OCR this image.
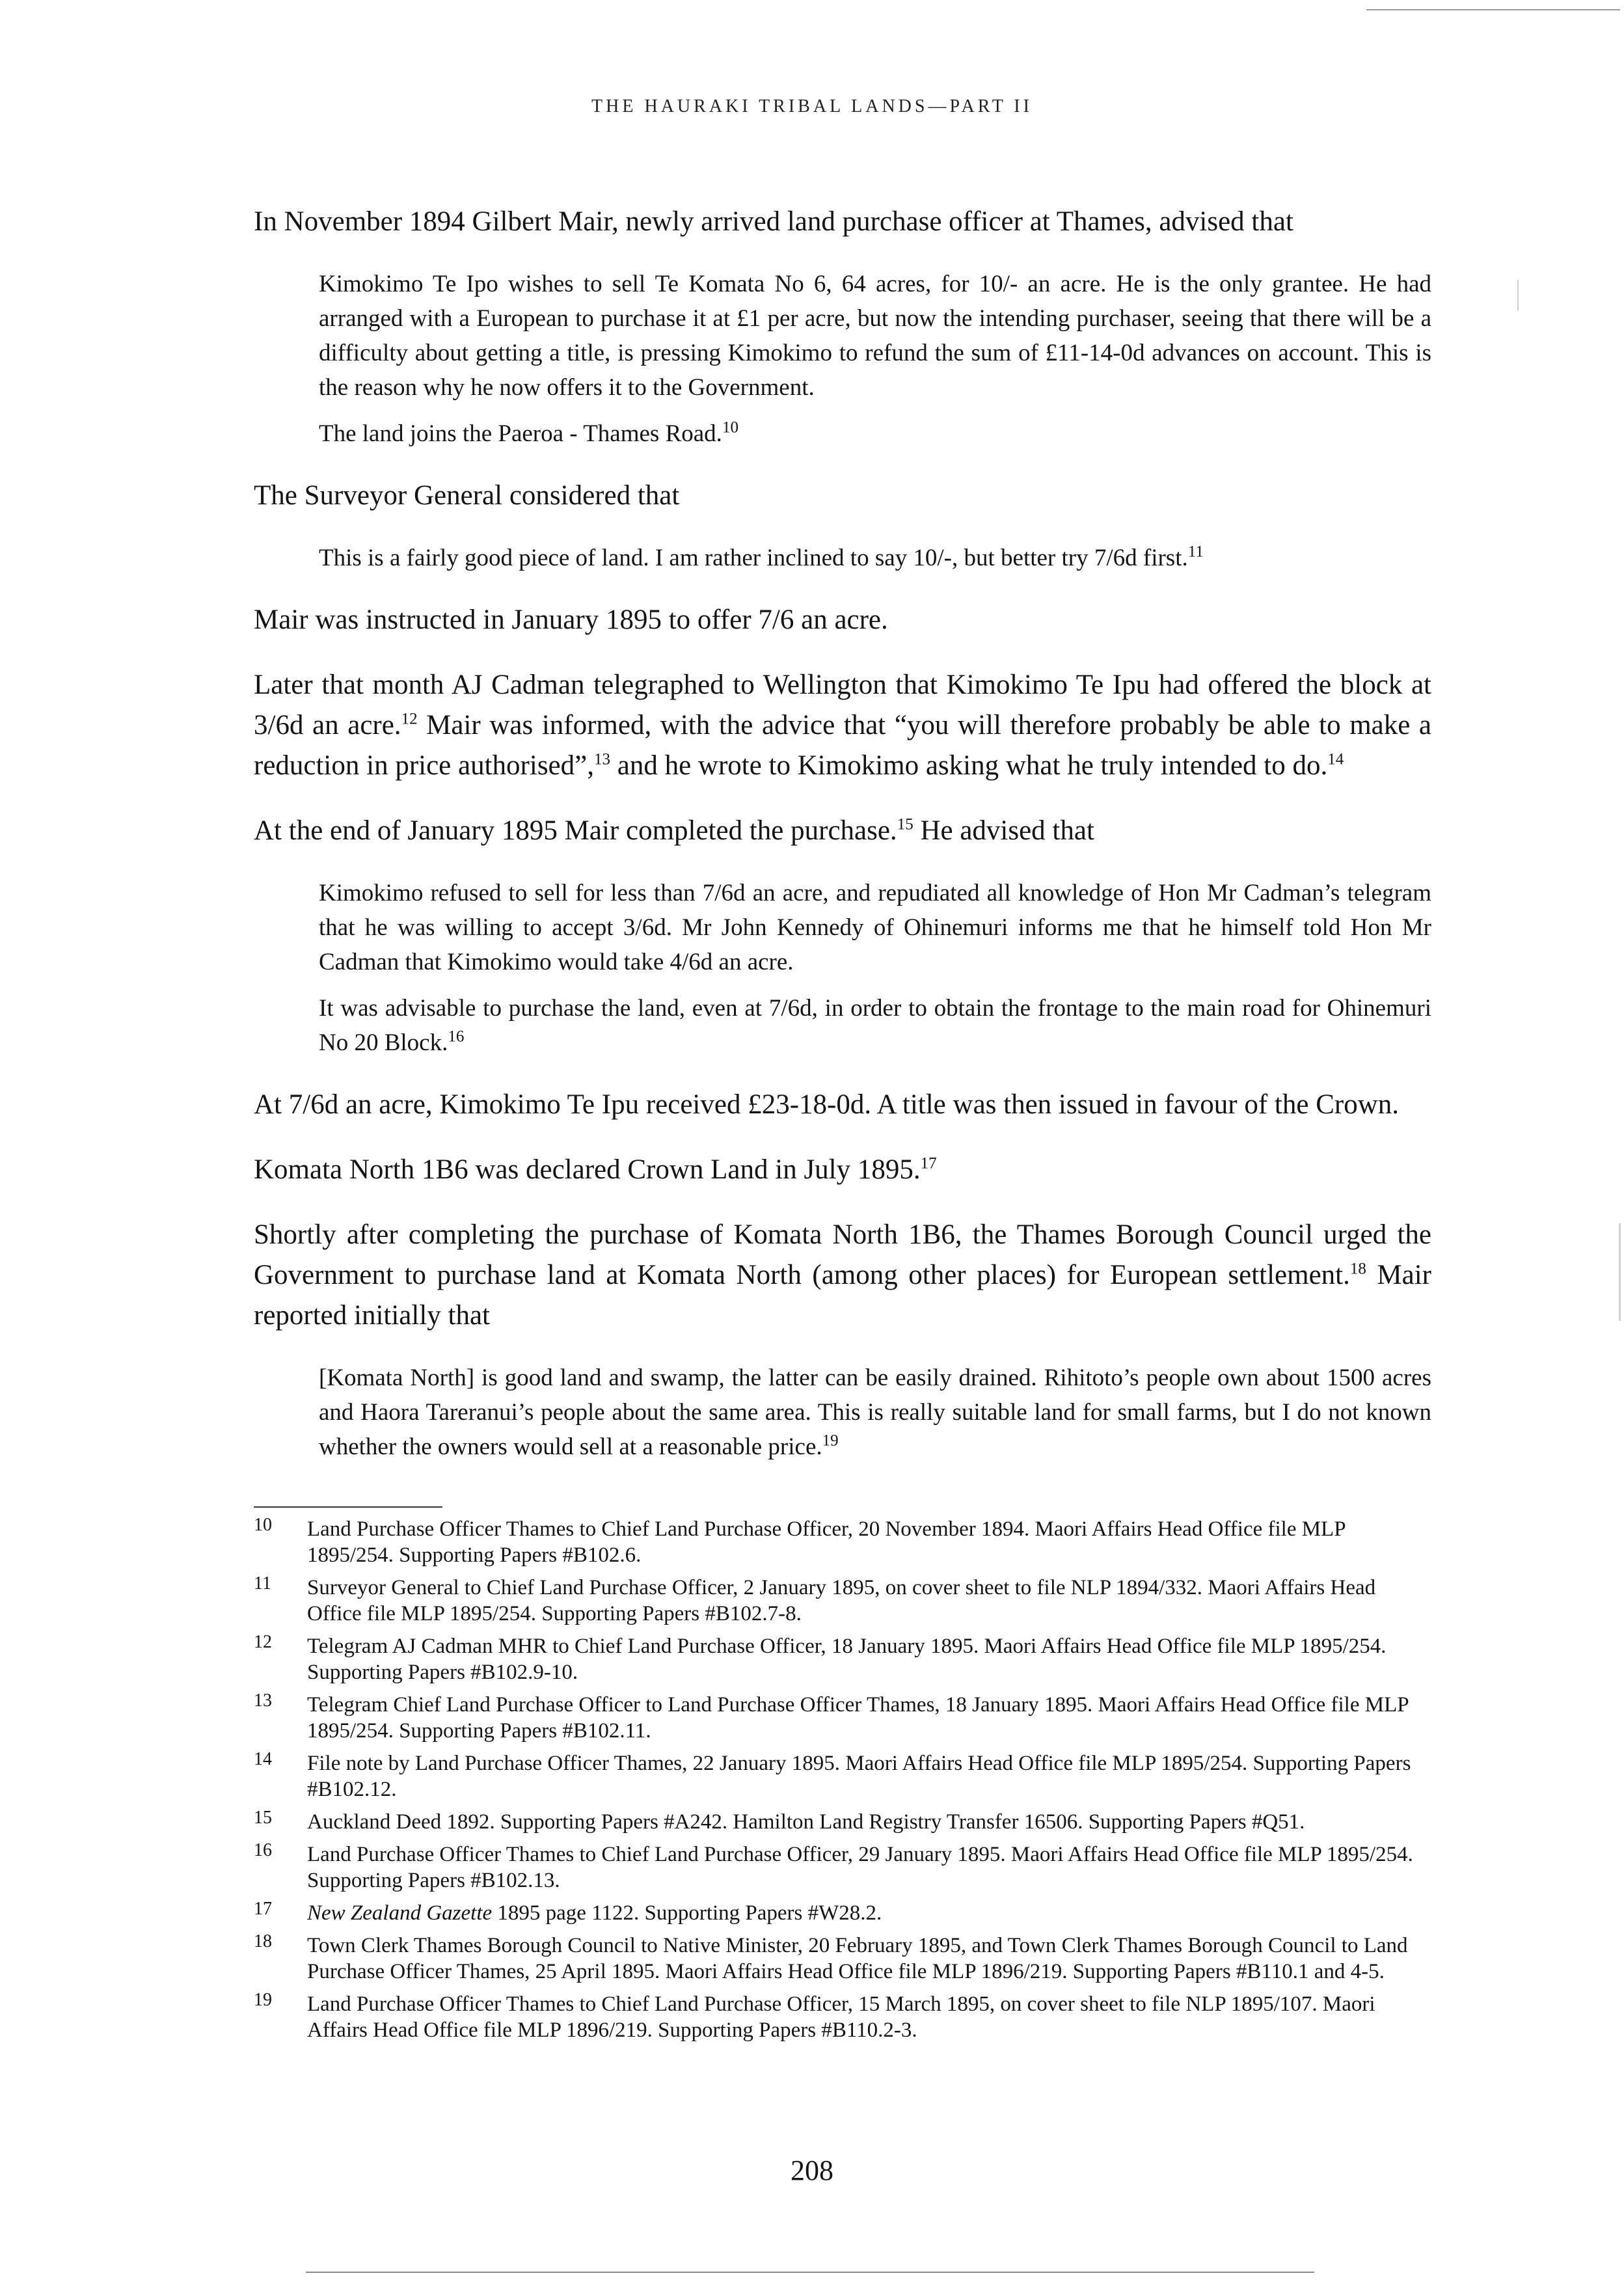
THE HAURAKI TRIBAL LANDS—PART II

In November 1894 Gilbert Mair, newly arrived land purchase officer at Thames, advised that

Kimokimo Te Ipo wishes to sell Te Komata No 6, 64 acres, for 10/- an acre. He is the only grantee. He had arranged with a European to purchase it at £1 per acre, but now the intending purchaser, seeing that there will be a difficulty about getting a title, is pressing Kimokimo to refund the sum of £11-14-0d advances on account. This is the reason why he now offers it to the Government.

The land joins the Paeroa - Thames Road.$^{10}$

The Surveyor General considered that

This is a fairly good piece of land. I am rather inclined to say 10/-, but better try 7/6d first.$^{11}$

Mair was instructed in January 1895 to offer 7/6 an acre.

Later that month AJ Cadman telegraphed to Wellington that Kimokimo Te Ipu had offered the block at 3/6d an acre.$^{12}$ Mair was informed, with the advice that “you will therefore probably be able to make a reduction in price authorised”,$^{13}$ and he wrote to Kimokimo asking what he truly intended to do.$^{14}$

At the end of January 1895 Mair completed the purchase.$^{15}$ He advised that

Kimokimo refused to sell for less than 7/6d an acre, and repudiated all knowledge of Hon Mr Cadman’s telegram that he was willing to accept 3/6d. Mr John Kennedy of Ohinemuri informs me that he himself told Hon Mr Cadman that Kimokimo would take 4/6d an acre.

It was advisable to purchase the land, even at 7/6d, in order to obtain the frontage to the main road for Ohinemuri No 20 Block.$^{16}$

At 7/6d an acre, Kimokimo Te Ipu received £23-18-0d. A title was then issued in favour of the Crown.

Komata North 1B6 was declared Crown Land in July 1895.17

Shortly after completing the purchase of Komata North 1B6, the Thames Borough Council urged the Government to purchase land at Komata North (among other places) for European settlement.$^{18}$ Mair reported initially that

[Komata North] is good land and swamp, the latter can be easily drained. Rihitoto’s people own about 1500 acres and Haora Tareranui’s people about the same area. This is really suitable land for small farms, but I do not known whether the owners would sell at a reasonable price.$^{19}$

10	Land Purchase Officer Thames to Chief Land Purchase Officer, 20 November 1894. Maori Affairs Head Office file MLP 1895/254. Supporting Papers #B102.6.
11	Surveyor General to Chief Land Purchase Officer, 2 January 1895, on cover sheet to file NLP 1894/332. Maori Affairs Head Office file MLP 1895/254. Supporting Papers #B102.7-8.
12	Telegram AJ Cadman MHR to Chief Land Purchase Officer, 18 January 1895. Maori Affairs Head Office file MLP 1895/254. Supporting Papers #B102.9-10.
13	Telegram Chief Land Purchase Officer to Land Purchase Officer Thames, 18 January 1895. Maori Affairs Head Office file MLP 1895/254. Supporting Papers #B102.11.
14	File note by Land Purchase Officer Thames, 22 January 1895. Maori Affairs Head Office file MLP 1895/254. Supporting Papers #B102.12.
15	Auckland Deed 1892. Supporting Papers #A242. Hamilton Land Registry Transfer 16506. Supporting Papers #Q51.
16	Land Purchase Officer Thames to Chief Land Purchase Officer, 29 January 1895. Maori Affairs Head Office file MLP 1895/254. Supporting Papers #B102.13.
17	New Zealand Gazette 1895 page 1122. Supporting Papers #W28.2.
18	Town Clerk Thames Borough Council to Native Minister, 20 February 1895, and Town Clerk Thames Borough Council to Land Purchase Officer Thames, 25 April 1895. Maori Affairs Head Office file MLP 1896/219. Supporting Papers #B110.1 and 4-5.
19	Land Purchase Officer Thames to Chief Land Purchase Officer, 15 March 1895, on cover sheet to file NLP 1895/107. Maori Affairs Head Office file MLP 1896/219. Supporting Papers #B110.2-3.
208
